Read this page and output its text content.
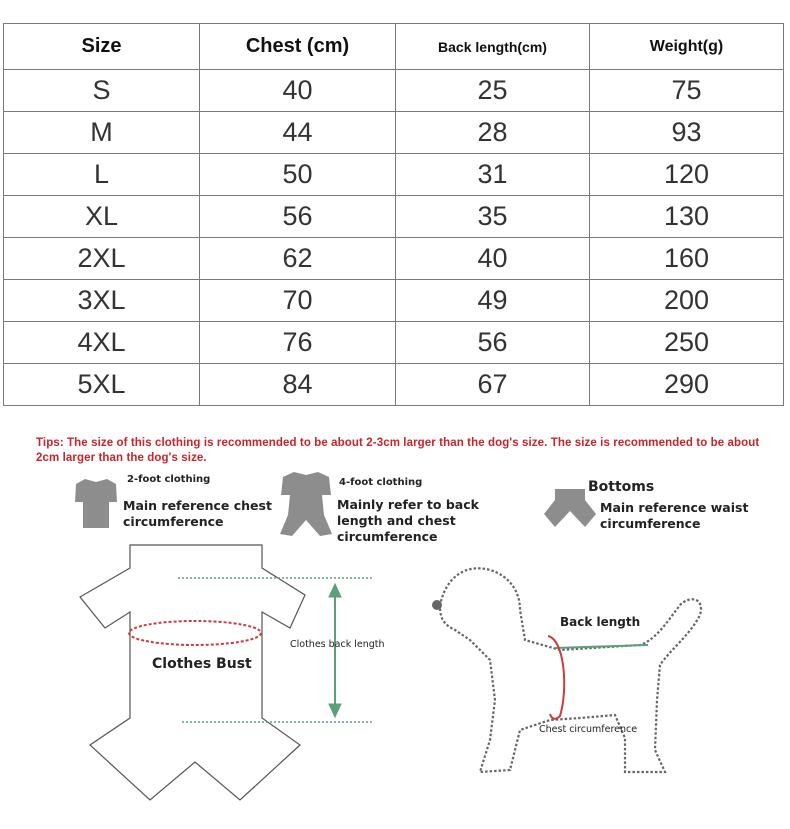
Size	Chest (cm)	Back length(cm)	Weight(g)
S	40	25	75
M	44	28	93
L	50	31	120
XL	56	35	130
2XL	62	40	160
3XL	70	49	200
4XL	76	56	250
5XL	84	67	290
Tips: The size of this clothing is recommended to be about 2-3cm larger than the dog's size. The size is recommended to be about 2cm larger than the dog's size.
2-foot clothing
Main reference chest circumference
4-foot clothing
Mainly refer to back length and chest circumference
Bottoms
Main reference waist circumference
Clothes Bust
Clothes back length
Back length
Chest circumference
